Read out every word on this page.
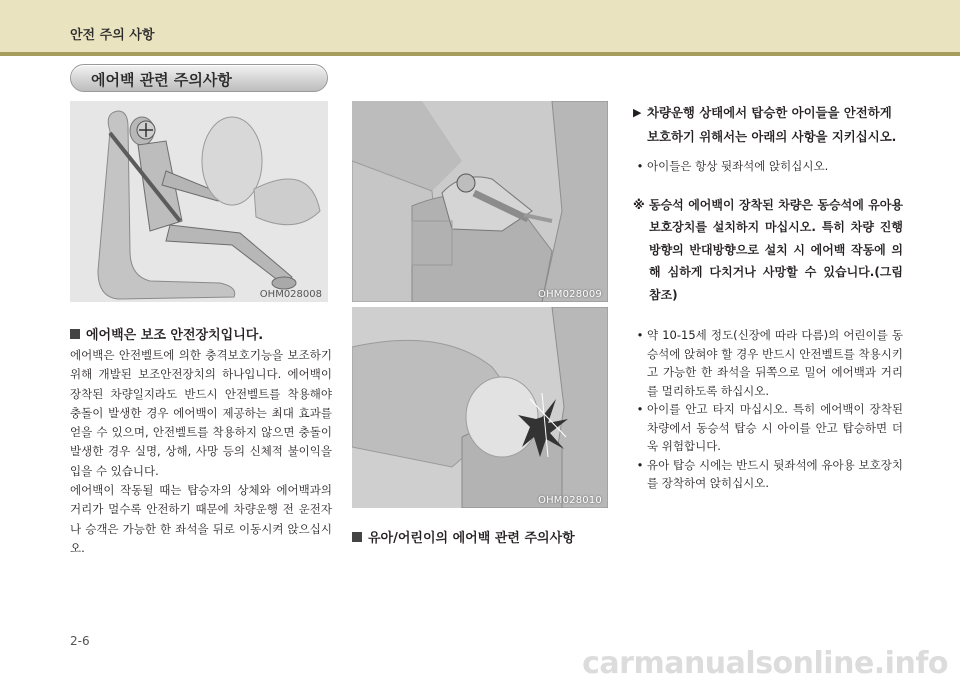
안전 주의 사항
에어백 관련 주의사항
OHM028008	OHM028009
OHM028010
에어백은 보조 안전장치입니다.

에어백은 안전벨트에 의한 충격보호기능을 보조하기 위해 개발된 보조안전장치의 하나입니다. 에어백이 장착된 차량일지라도 반드시 안전벨트를 착용해야 충돌이 발생한 경우 에어백이 제공하는 최대 효과를 얻을 수 있으며, 안전벨트를 착용하지 않으면 충돌이 발생한 경우 실명, 상해, 사망 등의 신체적 불이익을 입을 수 있습니다.

에어백이 작동될 때는 탑승자의 상체와 에어백과의 거리가 멀수록 안전하기 때문에 차량운행 전 운전자나 승객은 가능한 한 좌석을 뒤로 이동시켜 앉으십시오.

유아/어린이의 에어백 관련 주의사항
▶ 차량운행 상태에서 탑승한 아이들을 안전하게 보호하기 위해서는 아래의 사항을 지키십시오.
• 아이들은 항상 뒷좌석에 앉히십시오.
※ 동승석 에어백이 장착된 차량은 동승석에 유아용 보호장치를 설치하지 마십시오. 특히 차량 진행방향의 반대방향으로 설치 시 에어백 작동에 의해 심하게 다치거나 사망할 수 있습니다.(그림 참조)
• 약 10-15세 정도(신장에 따라 다름)의 어린이를 동승석에 앉혀야 할 경우 반드시 안전벨트를 착용시키고 가능한 한 좌석을 뒤쪽으로 밀어 에어백과 거리를 멀리하도록 하십시오.
• 아이를 안고 타지 마십시오. 특히 에어백이 장착된 차량에서 동승석 탑승 시 아이를 안고 탑승하면 더욱 위험합니다.
• 유아 탑승 시에는 반드시 뒷좌석에 유아용 보호장치를 장착하여 앉히십시오.
2-6
carmanualsonline.info
